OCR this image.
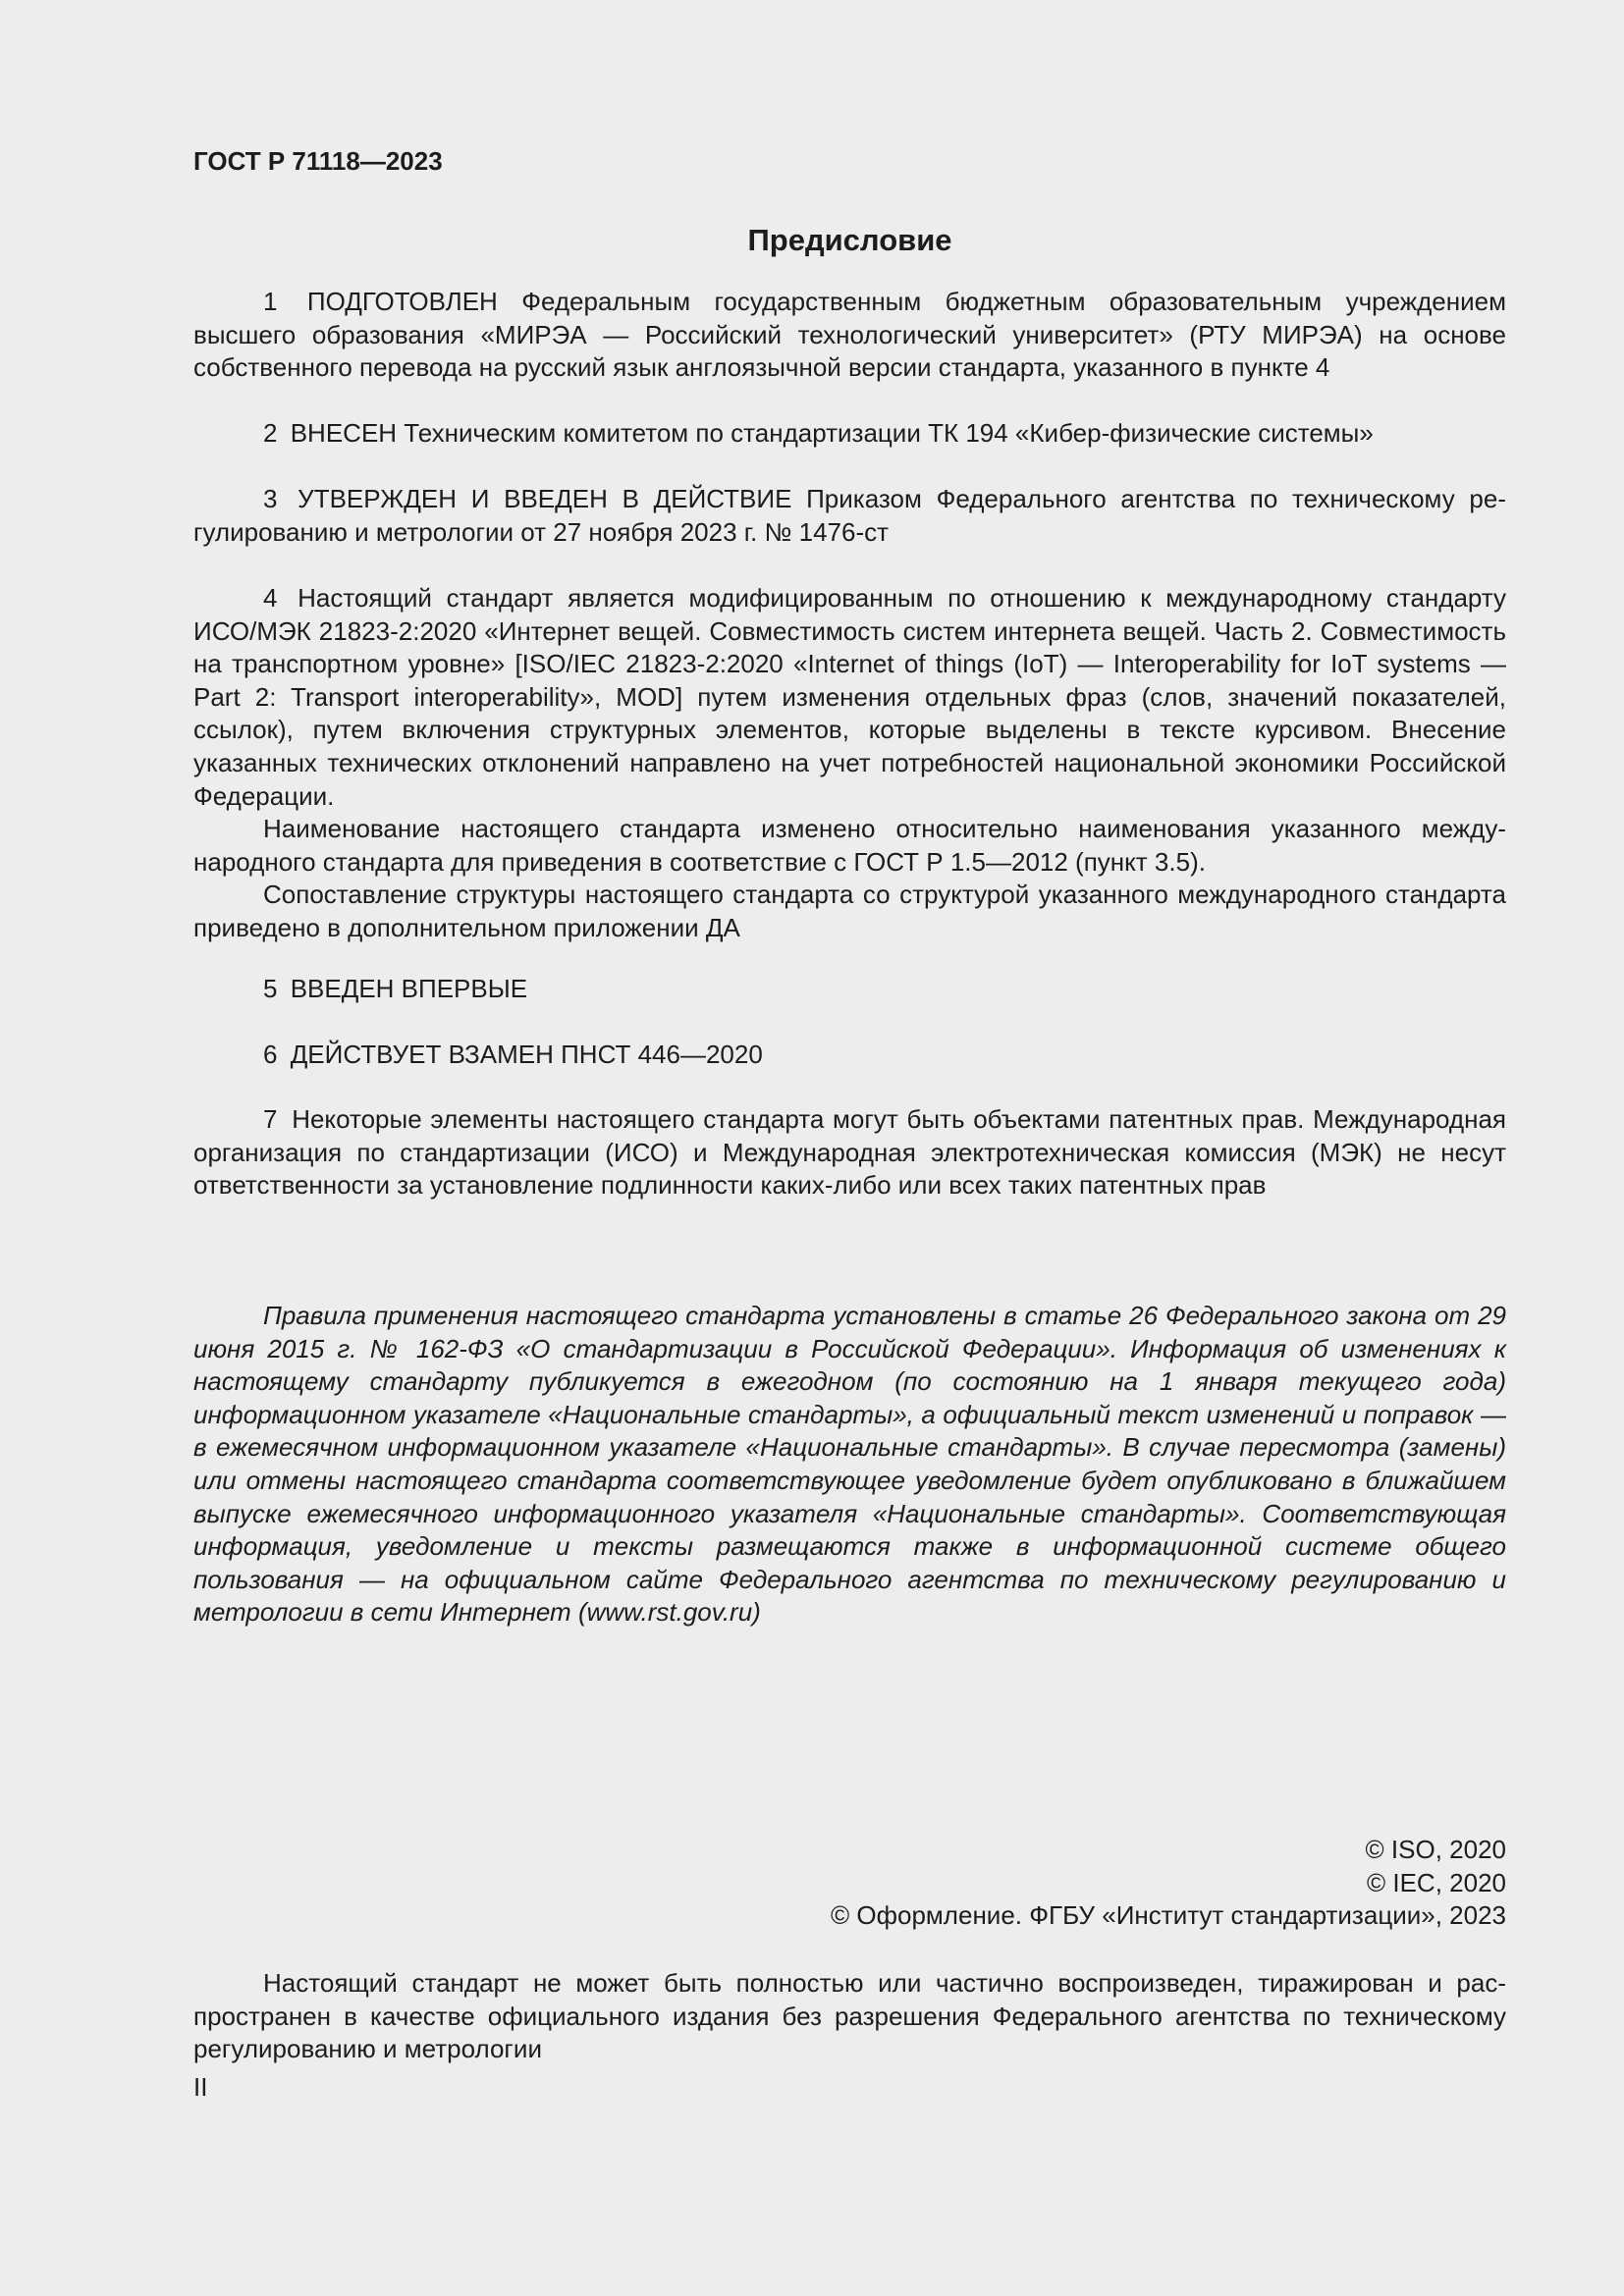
ГОСТ Р 71118—2023
Предисловие

1 ПОДГОТОВЛЕН Федеральным государственным бюджетным образовательным учреждением высшего образования «МИРЭА — Российский технологический университет» (РТУ МИРЭА) на основе собственного перевода на русский язык англоязычной версии стандарта, указанного в пункте 4

2 ВНЕСЕН Техническим комитетом по стандартизации ТК 194 «Кибер-физические системы»

3 УТВЕРЖДЕН И ВВЕДЕН В ДЕЙСТВИЕ Приказом Федерального агентства по техническому регулированию и метрологии от 27 ноября 2023 г. № 1476-ст

4 Настоящий стандарт является модифицированным по отношению к международному стандарту ИСО/МЭК 21823-2:2020 «Интернет вещей. Совместимость систем интернета вещей. Часть 2. Совместимость на транспортном уровне» [ISO/IEC 21823-2:2020 «Internet of things (IoT) — Interoperability for IoT systems — Part 2: Transport interoperability», MOD] путем изменения отдельных фраз (слов, значений показателей, ссылок), путем включения структурных элементов, которые выделены в тексте курсивом. Внесение указанных технических отклонений направлено на учет потребностей национальной экономики Российской Федерации.

Наименование настоящего стандарта изменено относительно наименования указанного международного стандарта для приведения в соответствие с ГОСТ Р 1.5—2012 (пункт 3.5).

Сопоставление структуры настоящего стандарта со структурой указанного международного стандарта приведено в дополнительном приложении ДА

5 ВВЕДЕН ВПЕРВЫЕ

6 ДЕЙСТВУЕТ ВЗАМЕН ПНСТ 446—2020

7 Некоторые элементы настоящего стандарта могут быть объектами патентных прав. Международная организация по стандартизации (ИСО) и Международная электротехническая комиссия (МЭК) не несут ответственности за установление подлинности каких-либо или всех таких патентных прав

Правила применения настоящего стандарта установлены в статье 26 Федерального закона от 29 июня 2015 г. № 162-ФЗ «О стандартизации в Российской Федерации». Информация об изменениях к настоящему стандарту публикуется в ежегодном (по состоянию на 1 января текущего года) информационном указателе «Национальные стандарты», а официальный текст изменений и поправок — в ежемесячном информационном указателе «Национальные стандарты». В случае пересмотра (замены) или отмены настоящего стандарта соответствующее уведомление будет опубликовано в ближайшем выпуске ежемесячного информационного указателя «Национальные стандарты». Соответствующая информация, уведомление и тексты размещаются также в информационной системе общего пользования — на официальном сайте Федерального агентства по техническому регулированию и метрологии в сети Интернет (www.rst.gov.ru)

© ISO, 2020
© IEC, 2020
© Оформление. ФГБУ «Институт стандартизации», 2023

Настоящий стандарт не может быть полностью или частично воспроизведен, тиражирован и распространен в качестве официального издания без разрешения Федерального агентства по техническому регулированию и метрологии

II
